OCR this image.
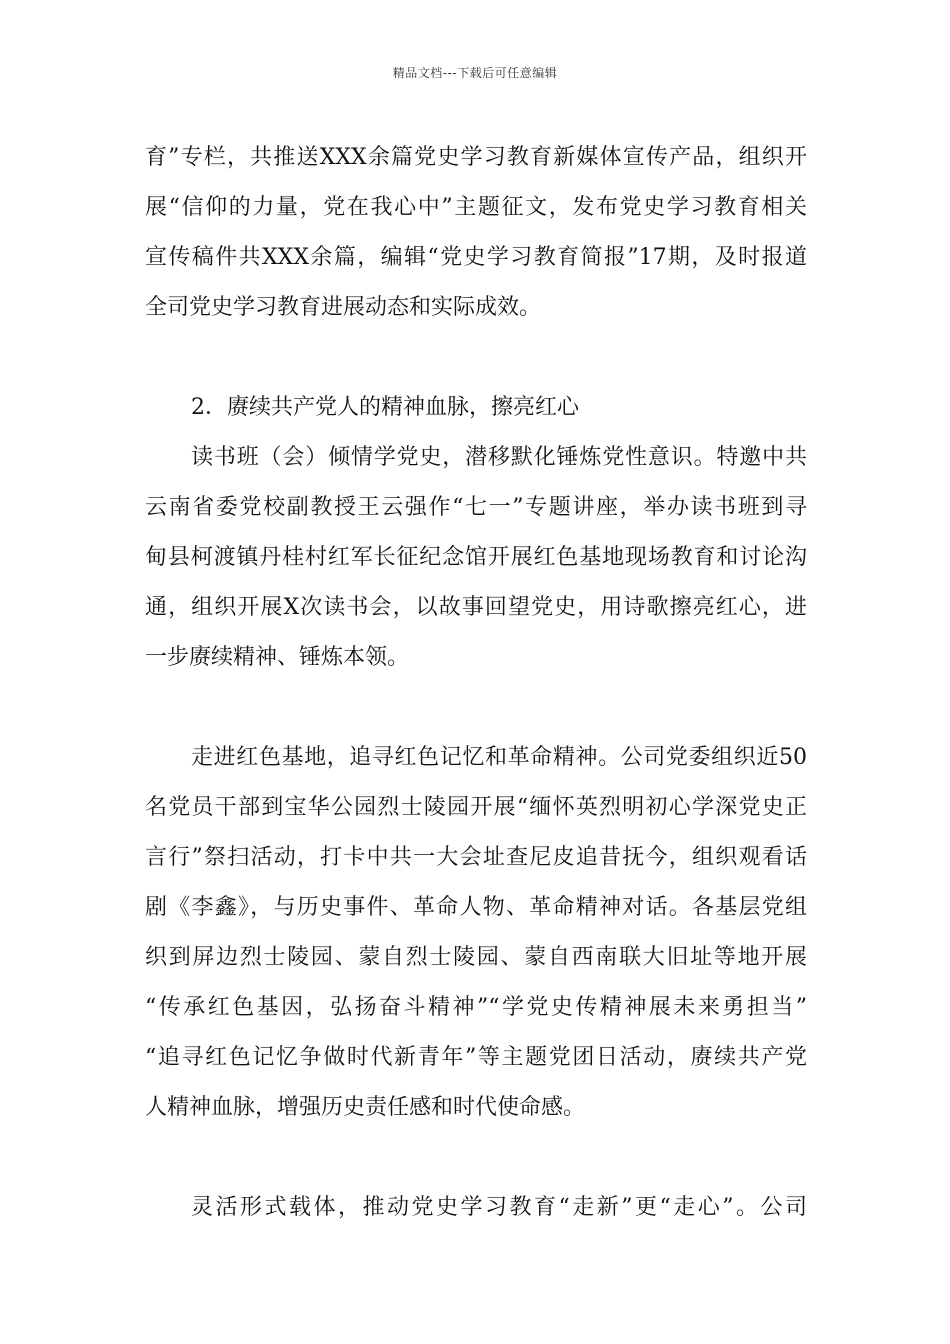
精品文档---下载后可任意编辑
育”专栏，共推送XXX余篇党史学习教育新媒体宣传产品，组织开
展“信仰的力量，党在我心中”主题征文，发布党史学习教育相关
宣传稿件共XXX余篇，编辑“党史学习教育简报”17期，及时报道
全司党史学习教育进展动态和实际成效。
2．赓续共产党人的精神血脉，擦亮红心
读书班（会）倾情学党史，潜移默化锤炼党性意识。特邀中共
云南省委党校副教授王云强作“七一”专题讲座，举办读书班到寻
甸县柯渡镇丹桂村红军长征纪念馆开展红色基地现场教育和讨论沟
通，组织开展X次读书会，以故事回望党史，用诗歌擦亮红心，进
一步赓续精神、锤炼本领。
走进红色基地，追寻红色记忆和革命精神。公司党委组织近50
名党员干部到宝华公园烈士陵园开展“缅怀英烈明初心学深党史正
言行”祭扫活动，打卡中共一大会址查尼皮追昔抚今，组织观看话
剧《李鑫》，与历史事件、革命人物、革命精神对话。各基层党组
织到屏边烈士陵园、蒙自烈士陵园、蒙自西南联大旧址等地开展
“传承红色基因，弘扬奋斗精神”“学党史传精神展未来勇担当”
“追寻红色记忆争做时代新青年”等主题党团日活动，赓续共产党
人精神血脉，增强历史责任感和时代使命感。
灵活形式载体，推动党史学习教育“走新”更“走心”。公司
